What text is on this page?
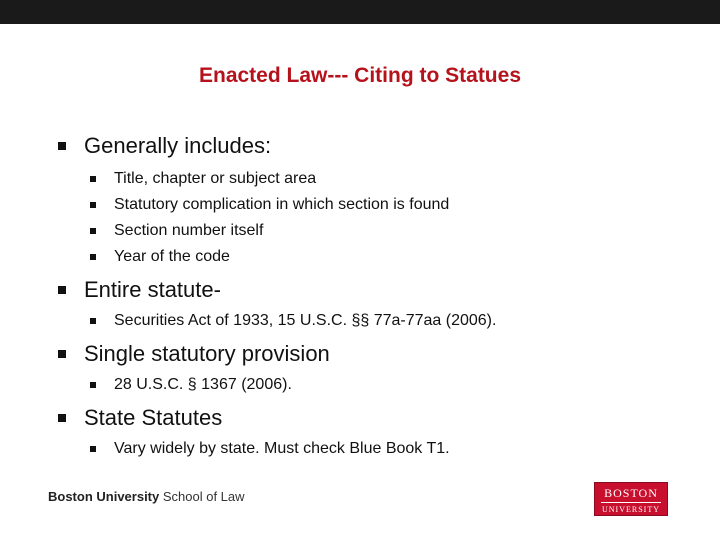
Enacted Law--- Citing to Statues
Generally includes:
Title, chapter or subject area
Statutory complication in which section is found
Section number itself
Year of the code
Entire statute-
Securities Act of 1933, 15 U.S.C. §§ 77a-77aa (2006).
Single statutory provision
28 U.S.C. § 1367 (2006).
State Statutes
Vary widely by state. Must check Blue Book T1.
Boston University School of Law	BOSTON
UNIVERSITY
